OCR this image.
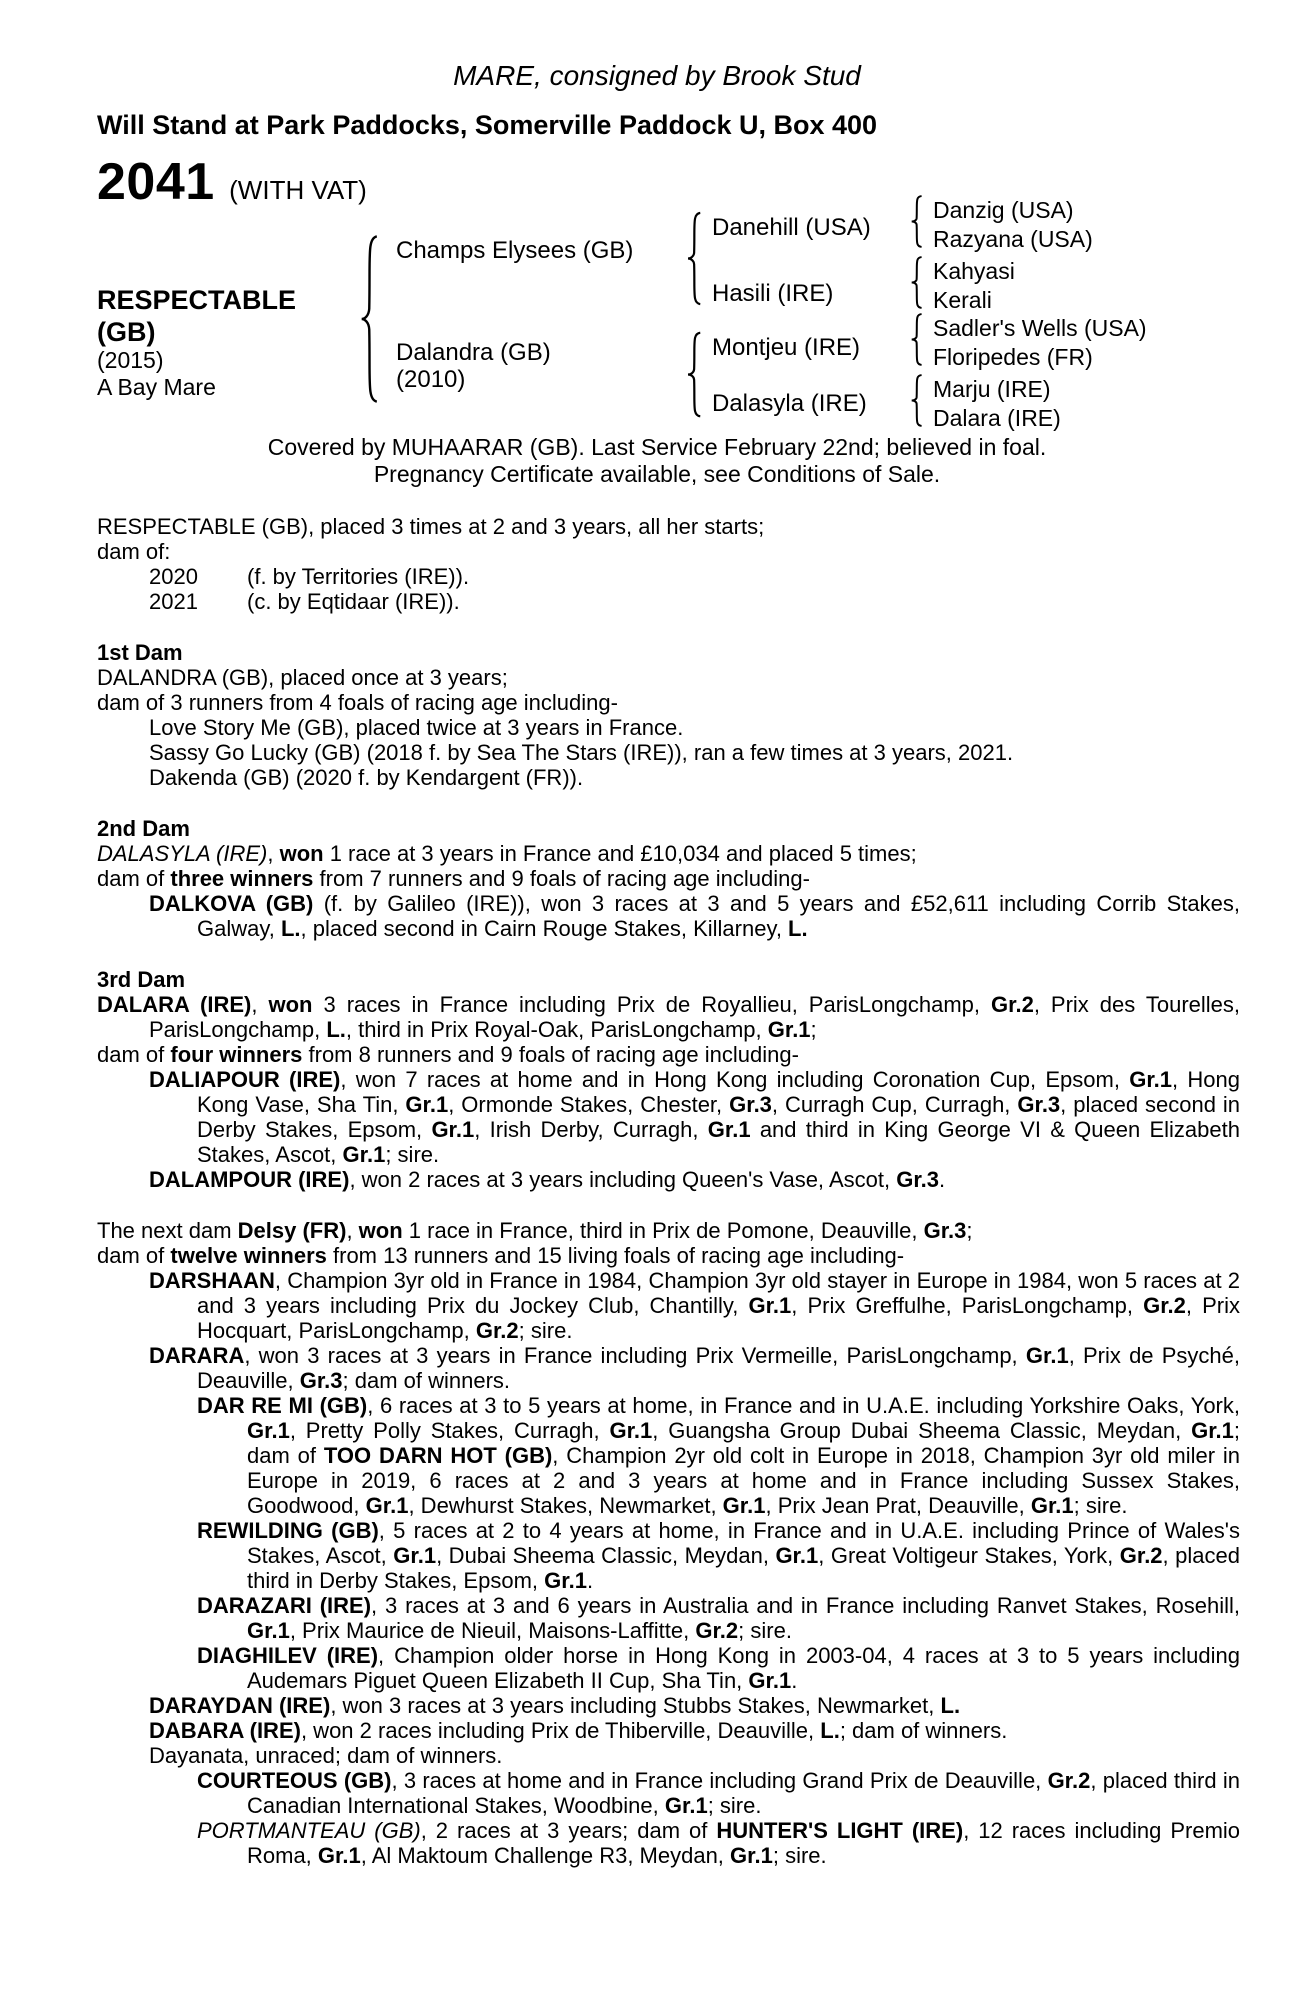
MARE, consigned by Brook Stud
Will Stand at Park Paddocks, Somerville Paddock U, Box 400
2041 (WITH VAT)
RESPECTABLE
(GB)
(2015)
A Bay Mare
Champs Elysees (GB)
Dalandra (GB)
(2010)
Danehill (USA)
Hasili (IRE)
Montjeu (IRE)
Dalasyla (IRE)
Danzig (USA)
Razyana (USA)
Kahyasi
Kerali
Sadler's Wells (USA)
Floripedes (FR)
Marju (IRE)
Dalara (IRE)
Covered by MUHAARAR (GB). Last Service February 22nd; believed in foal.
Pregnancy Certificate available, see Conditions of Sale.
RESPECTABLE (GB), placed 3 times at 2 and 3 years, all her starts;
dam of:
2020 (f. by Territories (IRE)).
2021 (c. by Eqtidaar (IRE)).
1st Dam
DALANDRA (GB), placed once at 3 years;
dam of 3 runners from 4 foals of racing age including-
Love Story Me (GB), placed twice at 3 years in France.
Sassy Go Lucky (GB) (2018 f. by Sea The Stars (IRE)), ran a few times at 3 years, 2021.
Dakenda (GB) (2020 f. by Kendargent (FR)).
2nd Dam
DALASYLA (IRE), won 1 race at 3 years in France and £10,034 and placed 5 times;
dam of three winners from 7 runners and 9 foals of racing age including-
DALKOVA (GB) (f. by Galileo (IRE)), won 3 races at 3 and 5 years and £52,611 including Corrib Stakes, Galway, L., placed second in Cairn Rouge Stakes, Killarney, L.
3rd Dam
DALARA (IRE), won 3 races in France including Prix de Royallieu, ParisLongchamp, Gr.2, Prix des Tourelles, ParisLongchamp, L., third in Prix Royal-Oak, ParisLongchamp, Gr.1;
dam of four winners from 8 runners and 9 foals of racing age including-
DALIAPOUR (IRE), won 7 races at home and in Hong Kong including Coronation Cup, Epsom, Gr.1, Hong Kong Vase, Sha Tin, Gr.1, Ormonde Stakes, Chester, Gr.3, Curragh Cup, Curragh, Gr.3, placed second in Derby Stakes, Epsom, Gr.1, Irish Derby, Curragh, Gr.1 and third in King George VI & Queen Elizabeth Stakes, Ascot, Gr.1; sire.
DALAMPOUR (IRE), won 2 races at 3 years including Queen's Vase, Ascot, Gr.3.
The next dam Delsy (FR), won 1 race in France, third in Prix de Pomone, Deauville, Gr.3;
dam of twelve winners from 13 runners and 15 living foals of racing age including-
DARSHAAN, Champion 3yr old in France in 1984, Champion 3yr old stayer in Europe in 1984, won 5 races at 2 and 3 years including Prix du Jockey Club, Chantilly, Gr.1, Prix Greffulhe, ParisLongchamp, Gr.2, Prix Hocquart, ParisLongchamp, Gr.2; sire.
DARARA, won 3 races at 3 years in France including Prix Vermeille, ParisLongchamp, Gr.1, Prix de Psyché, Deauville, Gr.3; dam of winners.
DAR RE MI (GB), 6 races at 3 to 5 years at home, in France and in U.A.E. including Yorkshire Oaks, York, Gr.1, Pretty Polly Stakes, Curragh, Gr.1, Guangsha Group Dubai Sheema Classic, Meydan, Gr.1; dam of TOO DARN HOT (GB), Champion 2yr old colt in Europe in 2018, Champion 3yr old miler in Europe in 2019, 6 races at 2 and 3 years at home and in France including Sussex Stakes, Goodwood, Gr.1, Dewhurst Stakes, Newmarket, Gr.1, Prix Jean Prat, Deauville, Gr.1; sire.
REWILDING (GB), 5 races at 2 to 4 years at home, in France and in U.A.E. including Prince of Wales's Stakes, Ascot, Gr.1, Dubai Sheema Classic, Meydan, Gr.1, Great Voltigeur Stakes, York, Gr.2, placed third in Derby Stakes, Epsom, Gr.1.
DARAZARI (IRE), 3 races at 3 and 6 years in Australia and in France including Ranvet Stakes, Rosehill, Gr.1, Prix Maurice de Nieuil, Maisons-Laffitte, Gr.2; sire.
DIAGHILEV (IRE), Champion older horse in Hong Kong in 2003-04, 4 races at 3 to 5 years including Audemars Piguet Queen Elizabeth II Cup, Sha Tin, Gr.1.
DARAYDAN (IRE), won 3 races at 3 years including Stubbs Stakes, Newmarket, L.
DABARA (IRE), won 2 races including Prix de Thiberville, Deauville, L.; dam of winners.
Dayanata, unraced; dam of winners.
COURTEOUS (GB), 3 races at home and in France including Grand Prix de Deauville, Gr.2, placed third in Canadian International Stakes, Woodbine, Gr.1; sire.
PORTMANTEAU (GB), 2 races at 3 years; dam of HUNTER'S LIGHT (IRE), 12 races including Premio Roma, Gr.1, Al Maktoum Challenge R3, Meydan, Gr.1; sire.
